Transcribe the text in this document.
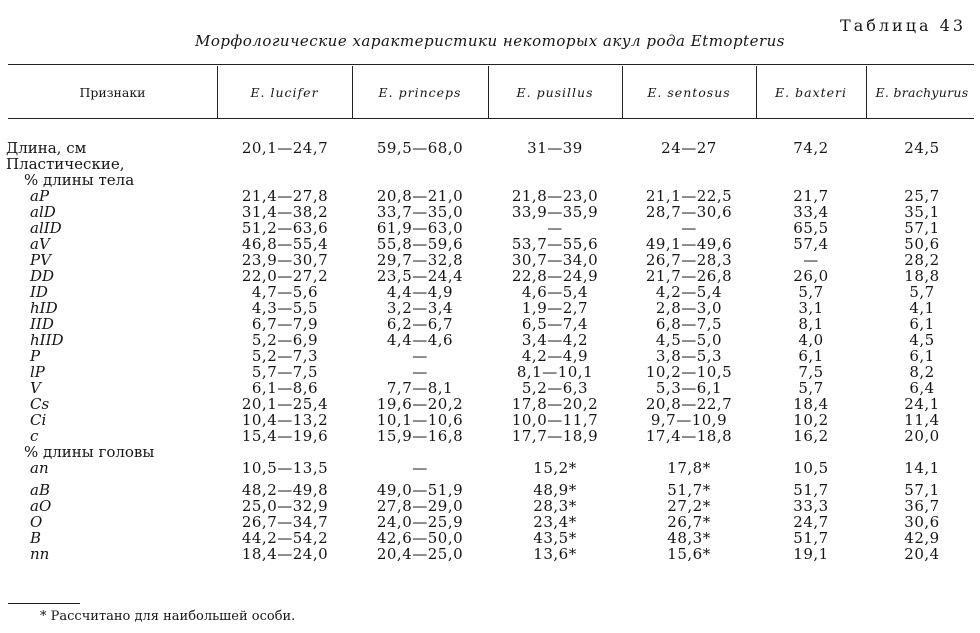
Таблица 43
Морфологические характеристики некоторых акул рода Etmopterus
Признаки	E. lucifer	E. princeps	E. pusillus	E. sentosus	E. baxteri	E. brachyurus
Длина, см	20,1—24,7	59,5—68,0	31—39	24—27	74,2	24,5
Пластические,
% длины тела
aP	21,4—27,8	20,8—21,0	21,8—23,0	21,1—22,5	21,7	25,7
alD	31,4—38,2	33,7—35,0	33,9—35,9	28,7—30,6	33,4	35,1
alID	51,2—63,6	61,9—63,0	—	—	65,5	57,1
aV	46,8—55,4	55,8—59,6	53,7—55,6	49,1—49,6	57,4	50,6
PV	23,9—30,7	29,7—32,8	30,7—34,0	26,7—28,3	—	28,2
DD	22,0—27,2	23,5—24,4	22,8—24,9	21,7—26,8	26,0	18,8
ID	4,7—5,6	4,4—4,9	4,6—5,4	4,2—5,4	5,7	5,7
hID	4,3—5,5	3,2—3,4	1,9—2,7	2,8—3,0	3,1	4,1
IID	6,7—7,9	6,2—6,7	6,5—7,4	6,8—7,5	8,1	6,1
hIID	5,2—6,9	4,4—4,6	3,4—4,2	4,5—5,0	4,0	4,5
P	5,2—7,3	—	4,2—4,9	3,8—5,3	6,1	6,1
lP	5,7—7,5	—	8,1—10,1	10,2—10,5	7,5	8,2
V	6,1—8,6	7,7—8,1	5,2—6,3	5,3—6,1	5,7	6,4
Cs	20,1—25,4	19,6—20,2	17,8—20,2	20,8—22,7	18,4	24,1
Ci	10,4—13,2	10,1—10,6	10,0—11,7	9,7—10,9	10,2	11,4
c	15,4—19,6	15,9—16,8	17,7—18,9	17,4—18,8	16,2	20,0
% длины головы
an	10,5—13,5	—	15,2*	17,8*	10,5	14,1
aB	48,2—49,8	49,0—51,9	48,9*	51,7*	51,7	57,1
aO	25,0—32,9	27,8—29,0	28,3*	27,2*	33,3	36,7
O	26,7—34,7	24,0—25,9	23,4*	26,7*	24,7	30,6
B	44,2—54,2	42,6—50,0	43,5*	48,3*	51,7	42,9
nn	18,4—24,0	20,4—25,0	13,6*	15,6*	19,1	20,4
* Рассчитано для наибольшей особи.
